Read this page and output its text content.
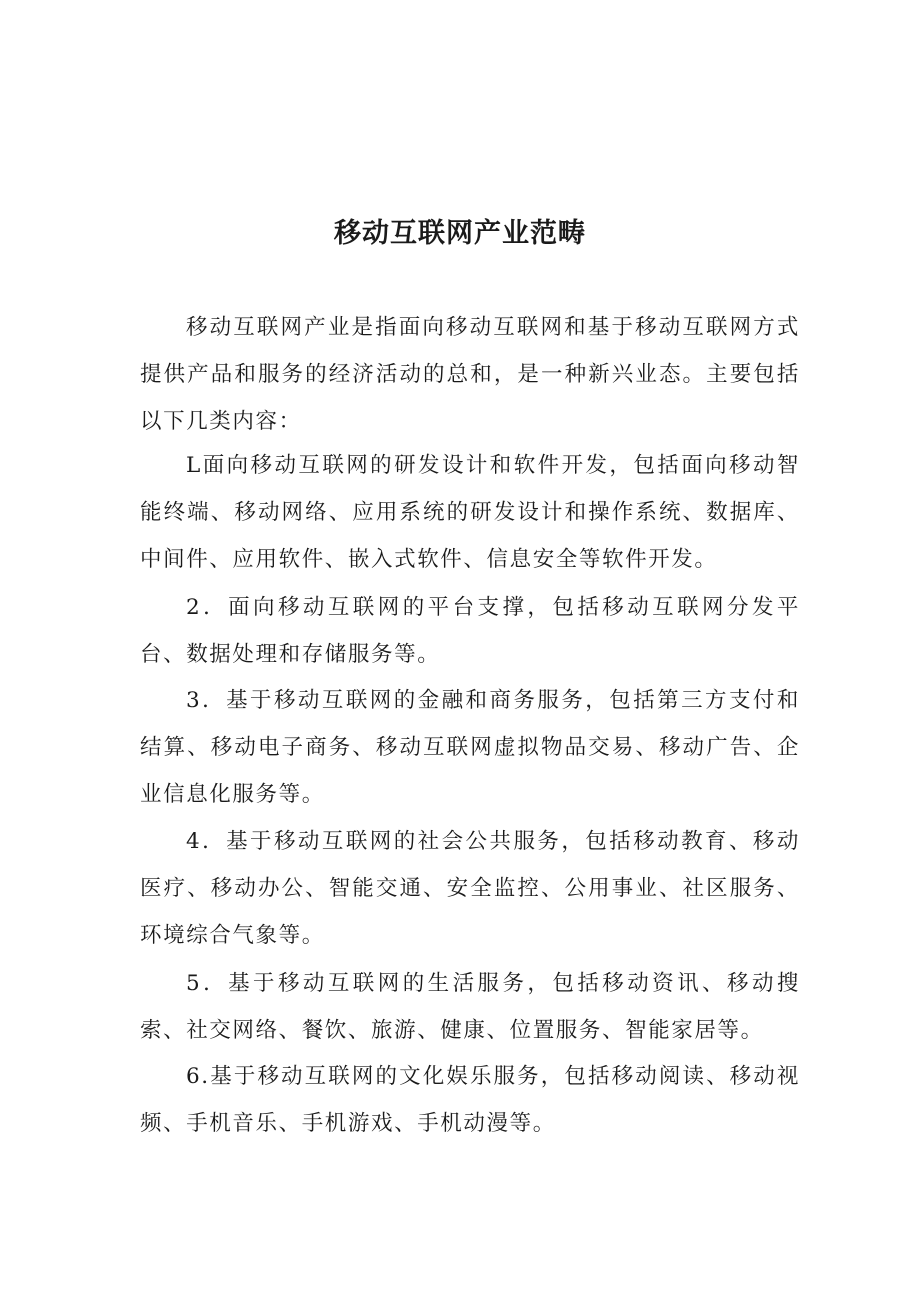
移动互联网产业范畴

移动互联网产业是指面向移动互联网和基于移动互联网方式提供产品和服务的经济活动的总和，是一种新兴业态。主要包括以下几类内容：

L面向移动互联网的研发设计和软件开发，包括面向移动智能终端、移动网络、应用系统的研发设计和操作系统、数据库、中间件、应用软件、嵌入式软件、信息安全等软件开发。

2．面向移动互联网的平台支撑，包括移动互联网分发平台、数据处理和存储服务等。

3．基于移动互联网的金融和商务服务，包括第三方支付和结算、移动电子商务、移动互联网虚拟物品交易、移动广告、企业信息化服务等。

4．基于移动互联网的社会公共服务，包括移动教育、移动医疗、移动办公、智能交通、安全监控、公用事业、社区服务、环境综合气象等。

5．基于移动互联网的生活服务，包括移动资讯、移动搜索、社交网络、餐饮、旅游、健康、位置服务、智能家居等。

6.基于移动互联网的文化娱乐服务，包括移动阅读、移动视频、手机音乐、手机游戏、手机动漫等。
